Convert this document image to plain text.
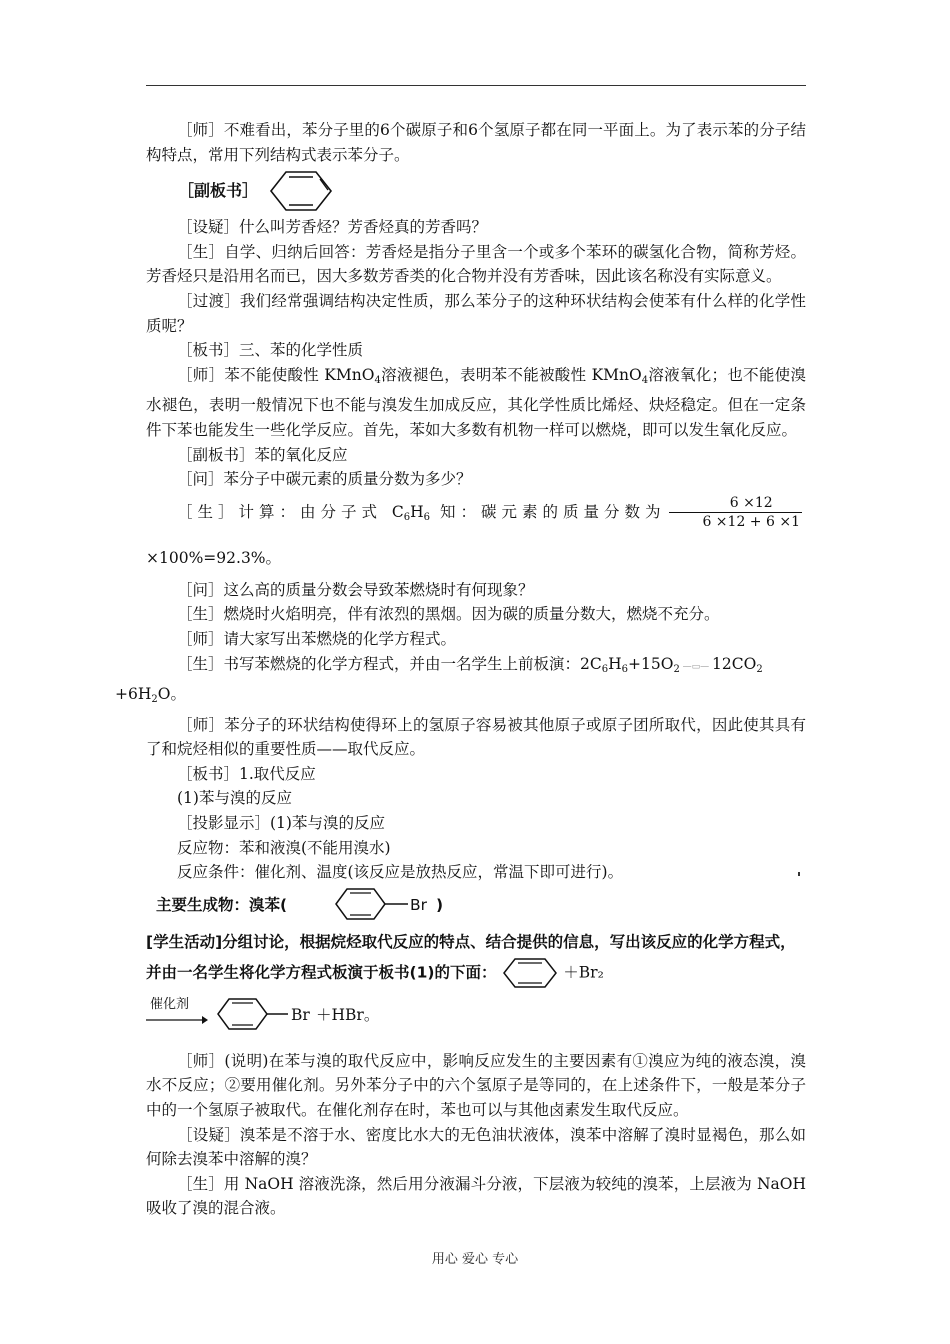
［师］不难看出，苯分子里的6个碳原子和6个氢原子都在同一平面上。为了表示苯的分子结构特点，常用下列结构式表示苯分子。

［副板书］

［设疑］什么叫芳香烃？芳香烃真的芳香吗？

［生］自学、归纳后回答：芳香烃是指分子里含一个或多个苯环的碳氢化合物，简称芳烃。芳香烃只是沿用名而已，因大多数芳香类的化合物并没有芳香味，因此该名称没有实际意义。

［过渡］我们经常强调结构决定性质，那么苯分子的这种环状结构会使苯有什么样的化学性质呢？

［板书］三、苯的化学性质

［师］苯不能使酸性 KMnO$_4$溶液褪色，表明苯不能被酸性 KMnO$_4$溶液氧化；也不能使溴水褪色，表明一般情况下也不能与溴发生加成反应，其化学性质比烯烃、炔烃稳定。但在一定条件下苯也能发生一些化学反应。首先，苯如大多数有机物一样可以燃烧，即可以发生氧化反应。

［副板书］苯的氧化反应

［问］苯分子中碳元素的质量分数为多少？

［生］计算：由分子式 $C_6H_6$ 知：碳元素的质量分数为 $\frac{6 \times 12}{6 \times 12 + 6 \times 1}$
×100%=92.3%。

［问］这么高的质量分数会导致苯燃烧时有何现象？

［生］燃烧时火焰明亮，伴有浓烈的黑烟。因为碳的质量分数大，燃烧不充分。

［师］请大家写出苯燃烧的化学方程式。

［生］书写苯燃烧的化学方程式，并由一名学生上前板演：$2C_6H_6+15O_2$ —▭— $12CO_2$
$+6H_2O$。

［师］苯分子的环状结构使得环上的氢原子容易被其他原子或原子团所取代，因此使其具有了和烷烃相似的重要性质——取代反应。

［板书］1.取代反应

(1)苯与溴的反应

［投影显示］(1)苯与溴的反应

反应物：苯和液溴(不能用溴水)

反应条件：催化剂、温度(该反应是放热反应，常温下即可进行)。

主要生成物：溴苯(	Br )
[学生活动]分组讨论，根据烷烃取代反应的特点、结合提供的信息，写出该反应的化学方程式，并由一名学生将化学方程式板演于板书(1)的下面：	＋Br₂
催化剂
Br ＋HBr。

［师］(说明)在苯与溴的取代反应中，影响反应发生的主要因素有①溴应为纯的液态溴，溴水不反应；②要用催化剂。另外苯分子中的六个氢原子是等同的，在上述条件下，一般是苯分子中的一个氢原子被取代。在催化剂存在时，苯也可以与其他卤素发生取代反应。

［设疑］溴苯是不溶于水、密度比水大的无色油状液体，溴苯中溶解了溴时显褐色，那么如何除去溴苯中溶解的溴？

［生］用 NaOH 溶液洗涤，然后用分液漏斗分液，下层液为较纯的溴苯，上层液为 NaOH 吸收了溴的混合液。

用心 爱心 专心
